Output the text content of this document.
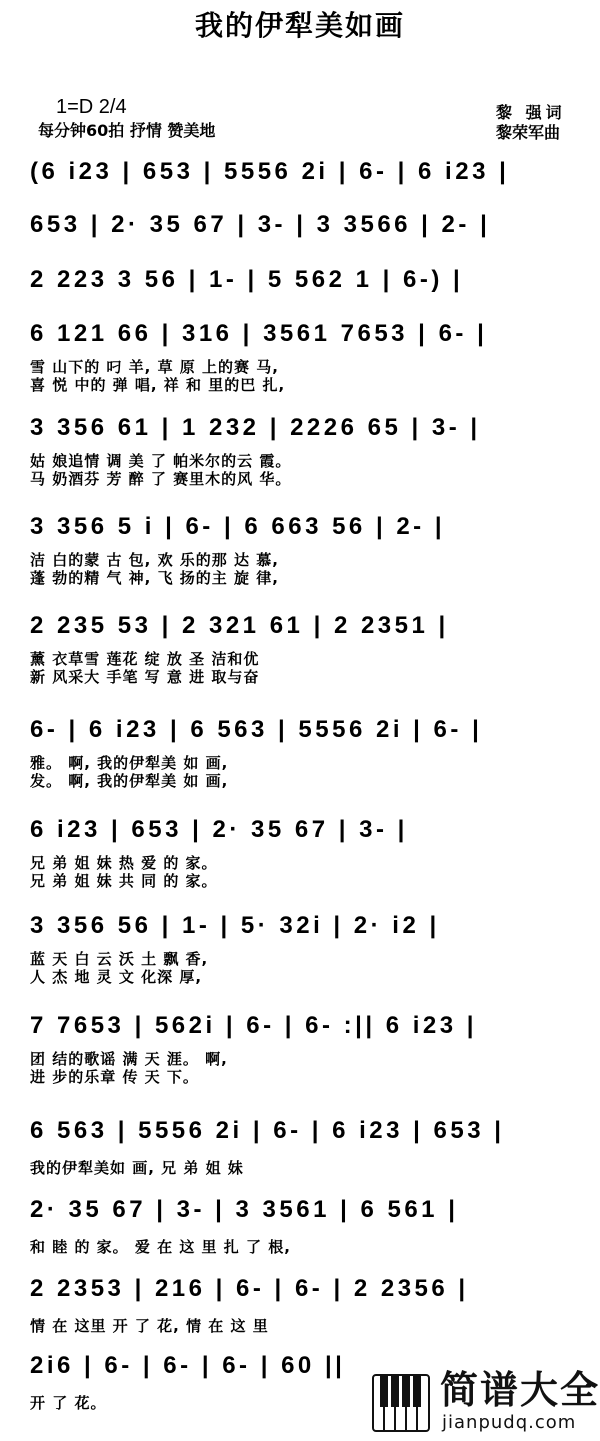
我的伊犁美如画
1=D 2/4
每分钟60拍 抒情 赞美地
黎 强词
黎荣军曲
(6 i23 | 653 | 5556 2i | 6- | 6 i23 |
653 | 2· 35 67 | 3- | 3 3566 | 2- |
2 223 3 56 | 1- | 5 562 1 | 6-) |
6 121 66 | 316 | 3561 7653 | 6- |
雪 山下的 叼 羊, 草 原 上的赛 马,
喜 悦 中的 弹 唱, 祥 和 里的巴 扎,
3 356 61 | 1 232 | 2226 65 | 3- |
姑 娘追情 调 美 了 帕米尔的云 霞。
马 奶酒芬 芳 醉 了 赛里木的风 华。
3 356 5 i | 6- | 6 663 56 | 2- |
洁 白的蒙 古 包, 欢 乐的那 达 慕,
蓬 勃的精 气 神, 飞 扬的主 旋 律,
2 235 53 | 2 321 61 | 2 2351 |
薰 衣草雪 莲花 绽 放 圣 洁和优
新 风采大 手笔 写 意 进 取与奋
6- | 6 i23 | 6 563 | 5556 2i | 6- |
雅。 啊, 我的伊犁美 如 画,
发。 啊, 我的伊犁美 如 画,
6 i23 | 653 | 2· 35 67 | 3- |
兄 弟 姐 妹 热 爱 的 家。
兄 弟 姐 妹 共 同 的 家。
3 356 56 | 1- | 5· 32i | 2· i2 |
蓝 天 白 云 沃 土 飘 香,
人 杰 地 灵 文 化深 厚,
7 7653 | 562i | 6- | 6- :|| 6 i23 |
团 结的歌谣 满 天 涯。 啊,
进 步的乐章 传 天 下。
6 563 | 5556 2i | 6- | 6 i23 | 653 |
我的伊犁美如 画, 兄 弟 姐 妹
2· 35 67 | 3- | 3 3561 | 6 561 |
和 睦 的 家。 爱 在 这 里 扎 了 根,
2 2353 | 216 | 6- | 6- | 2 2356 |
情 在 这里 开 了 花, 情 在 这 里
2i6 | 6- | 6- | 6- | 60 ||
开 了 花。	简谱大全
jianpudq.com
